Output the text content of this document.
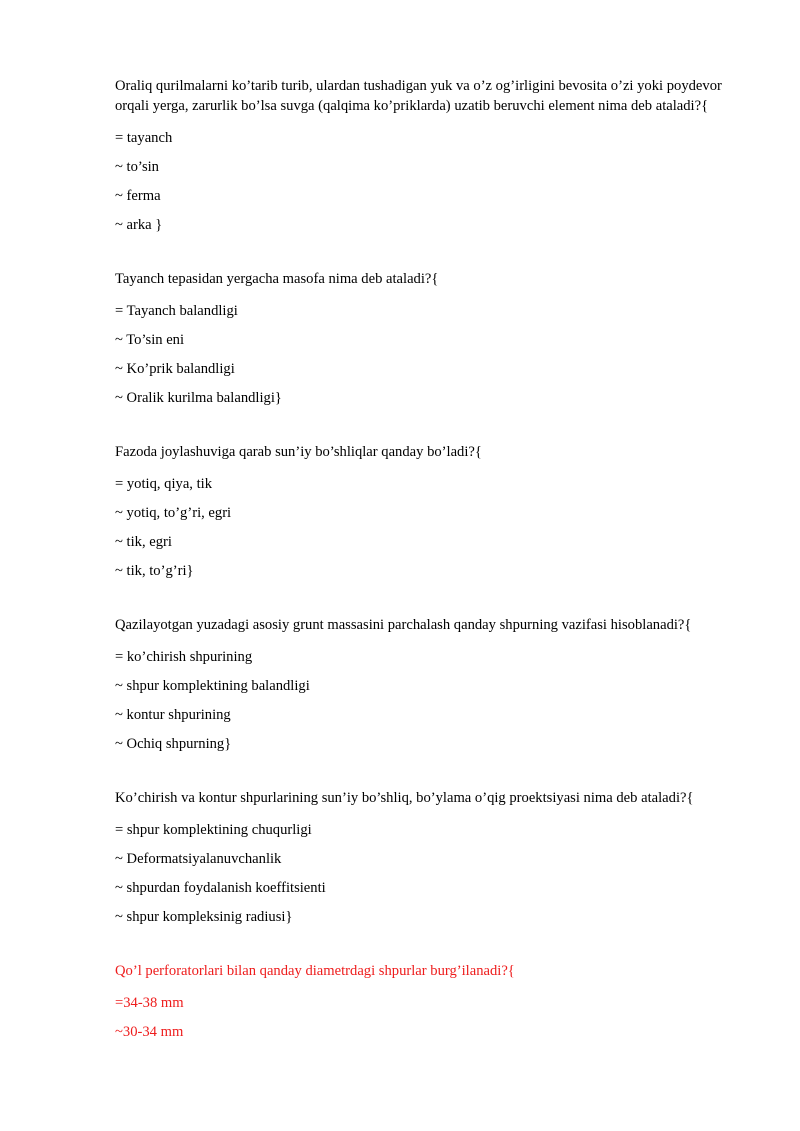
Oraliq qurilmalarni ko’tarib turib, ulardan tushadigan yuk va o’z og’irligini bevosita o’zi yoki poydevor orqali yerga, zarurlik bo’lsa suvga (qalqima ko’priklarda) uzatib beruvchi element nima deb ataladi?{

= tayanch

~ to’sin

~ ferma

~ arka }

Tayanch tepasidan yergacha masofa nima deb ataladi?{

= Tayanch balandligi

~ To’sin eni

~ Ko’prik balandligi

~ Oralik kurilma balandligi}

Fazoda joylashuviga qarab sun’iy bo’shliqlar qanday bo’ladi?{

= yotiq, qiya, tik

~ yotiq, to’g’ri, egri

~ tik, egri

~ tik, to’g’ri}

Qazilayotgan yuzadagi asosiy grunt massasini parchalash qanday shpurning vazifasi hisoblanadi?{

= ko’chirish shpurining

~ shpur komplektining balandligi

~ kontur shpurining

~ Ochiq shpurning}

Ko’chirish va kontur shpurlarining sun’iy bo’shliq, bo’ylama o’qig proektsiyasi nima deb ataladi?{

= shpur komplektining chuqurligi

~ Deformatsiyalanuvchanlik

~ shpurdan foydalanish koeffitsienti

~ shpur kompleksinig radiusi}

Qo’l perforatorlari bilan qanday diametrdagi shpurlar burg’ilanadi?{

=34-38 mm

~30-34 mm
